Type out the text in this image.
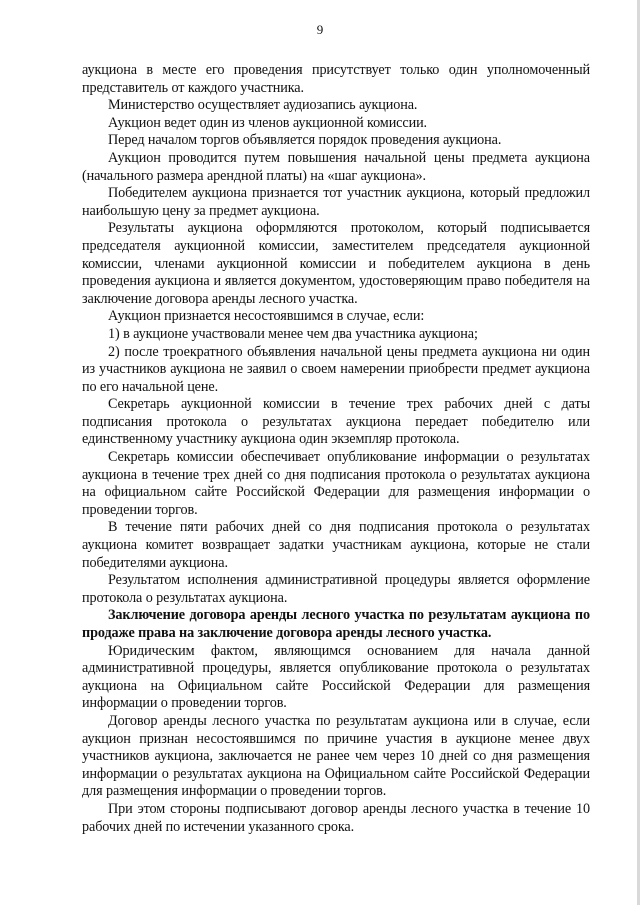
9

аукциона в месте его проведения присутствует только один уполномоченный представитель от каждого участника.

Министерство осуществляет аудиозапись аукциона.

Аукцион ведет один из членов аукционной комиссии.

Перед началом торгов объявляется порядок проведения аукциона.

Аукцион проводится путем повышения начальной цены предмета аукциона (начального размера арендной платы) на «шаг аукциона».

Победителем аукциона признается тот участник аукциона, который предложил наибольшую цену за предмет аукциона.

Результаты аукциона оформляются протоколом, который подписывается председателя аукционной комиссии, заместителем председателя аукционной комиссии, членами аукционной комиссии и победителем аукциона в день проведения аукциона и является документом, удостоверяющим право победителя на заключение договора аренды лесного участка.

Аукцион признается несостоявшимся в случае, если:

1) в аукционе участвовали менее чем два участника аукциона;

2) после троекратного объявления начальной цены предмета аукциона ни один из участников аукциона не заявил о своем намерении приобрести предмет аукциона по его начальной цене.

Секретарь аукционной комиссии в течение трех рабочих дней с даты подписания протокола о результатах аукциона передает победителю или единственному участнику аукциона один экземпляр протокола.

Секретарь комиссии обеспечивает опубликование информации о результатах аукциона в течение трех дней со дня подписания протокола о результатах аукциона на официальном сайте Российской Федерации для размещения информации о проведении торгов.

В течение пяти рабочих дней со дня подписания протокола о результатах аукциона комитет возвращает задатки участникам аукциона, которые не стали победителями аукциона.

Результатом исполнения административной процедуры является оформление протокола о результатах аукциона.

Заключение договора аренды лесного участка по результатам аукциона по продаже права на заключение договора аренды лесного участка.

Юридическим фактом, являющимся основанием для начала данной административной процедуры, является опубликование протокола о результатах аукциона на Официальном сайте Российской Федерации для размещения информации о проведении торгов.

Договор аренды лесного участка по результатам аукциона или в случае, если аукцион признан несостоявшимся по причине участия в аукционе менее двух участников аукциона, заключается не ранее чем через 10 дней со дня размещения информации о результатах аукциона на Официальном сайте Российской Федерации для размещения информации о проведении торгов.

При этом стороны подписывают договор аренды лесного участка в течение 10 рабочих дней по истечении указанного срока.
